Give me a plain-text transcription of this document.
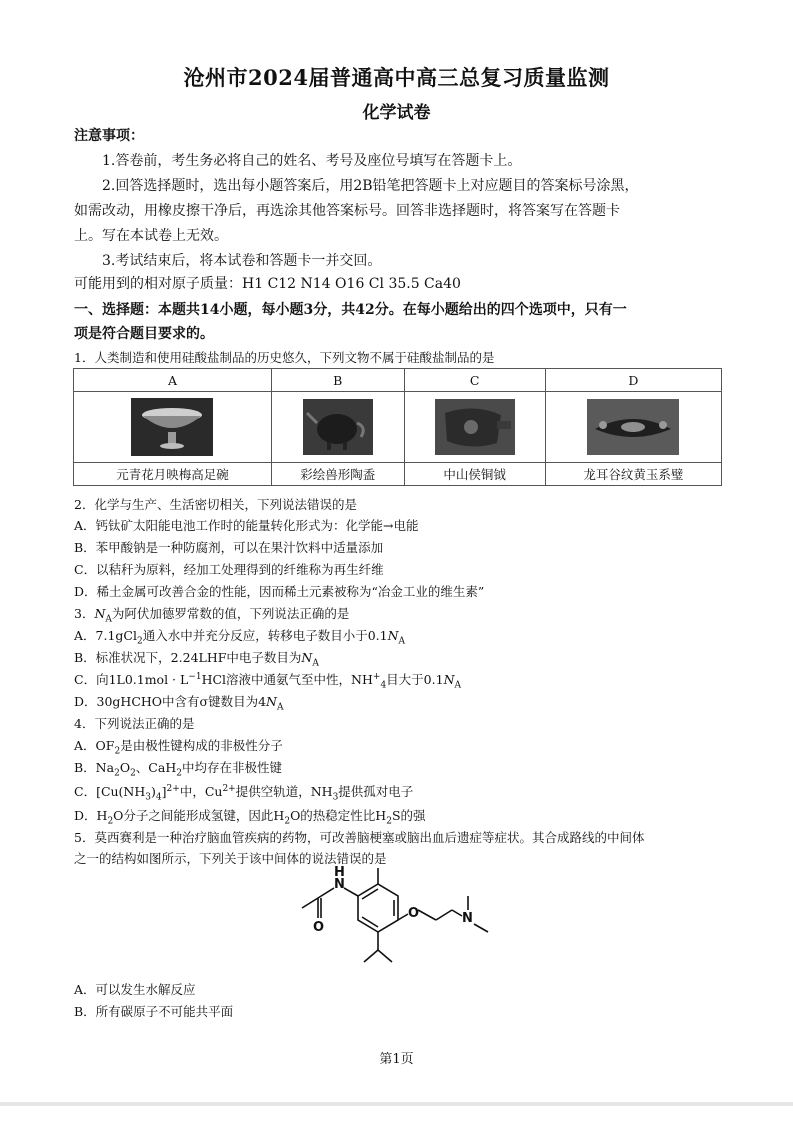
沧州市2024届普通高中高三总复习质量监测
化学试卷
注意事项：
1.答卷前，考生务必将自己的姓名、考号及座位号填写在答题卡上。
2.回答选择题时，选出每小题答案后，用2B铅笔把答题卡上对应题目的答案标号涂黑，
如需改动，用橡皮擦干净后，再选涂其他答案标号。回答非选择题时，将答案写在答题卡
上。写在本试卷上无效。
3.考试结束后，将本试卷和答题卡一并交回。
可能用到的相对原子质量：H1 C12 N14 O16 Cl 35.5 Ca40
一、选择题：本题共14小题，每小题3分，共42分。在每小题给出的四个选项中，只有一
项是符合题目要求的。
1．人类制造和使用硅酸盐制品的历史悠久，下列文物不属于硅酸盐制品的是
A	B	C	D

元青花月映梅高足碗	彩绘兽形陶盉	中山侯铜钺	龙耳谷纹黄玉系璧
2．化学与生产、生活密切相关，下列说法错误的是
A．钙钛矿太阳能电池工作时的能量转化形式为：化学能→电能
B．苯甲酸钠是一种防腐剂，可以在果汁饮料中适量添加
C．以秸秆为原料，经加工处理得到的纤维称为再生纤维
D．稀土金属可改善合金的性能，因而稀土元素被称为“冶金工业的维生素”
3．$N_A$为阿伏加德罗常数的值，下列说法正确的是
A．7.1gCl$_2$通入水中并充分反应，转移电子数目小于$0.1N_A$
B．标准状况下，2.24LHF中电子数目为$N_A$
C．向$1L0.1mol \cdot L^{-1}HCl$溶液中通氨气至中性，$NH^+_4$目大于$0.1N_A$
D．30gHCHO中含有σ键数目为$4N_A$
4．下列说法正确的是
A．$OF_2$是由极性键构成的非极性分子
B．$Na_2O_2$、CaH$_2$中均存在非极性键
C．$[Cu(NH_3)_4]^{2+}$中，$Cu^{2+}$提供空轨道，$NH_3$提供孤对电子
D．$H_2O$分子之间能形成氢键，因此$H_2O$的热稳定性比$H_2S$的强
5．莫西赛利是一种治疗脑血管疾病的药物，可改善脑梗塞或脑出血后遗症等症状。其合成路线的中间体
之一的结构如图所示，下列关于该中间体的说法错误的是
N
H
O
O	N
A．可以发生水解反应
B．所有碳原子不可能共平面
第1页
